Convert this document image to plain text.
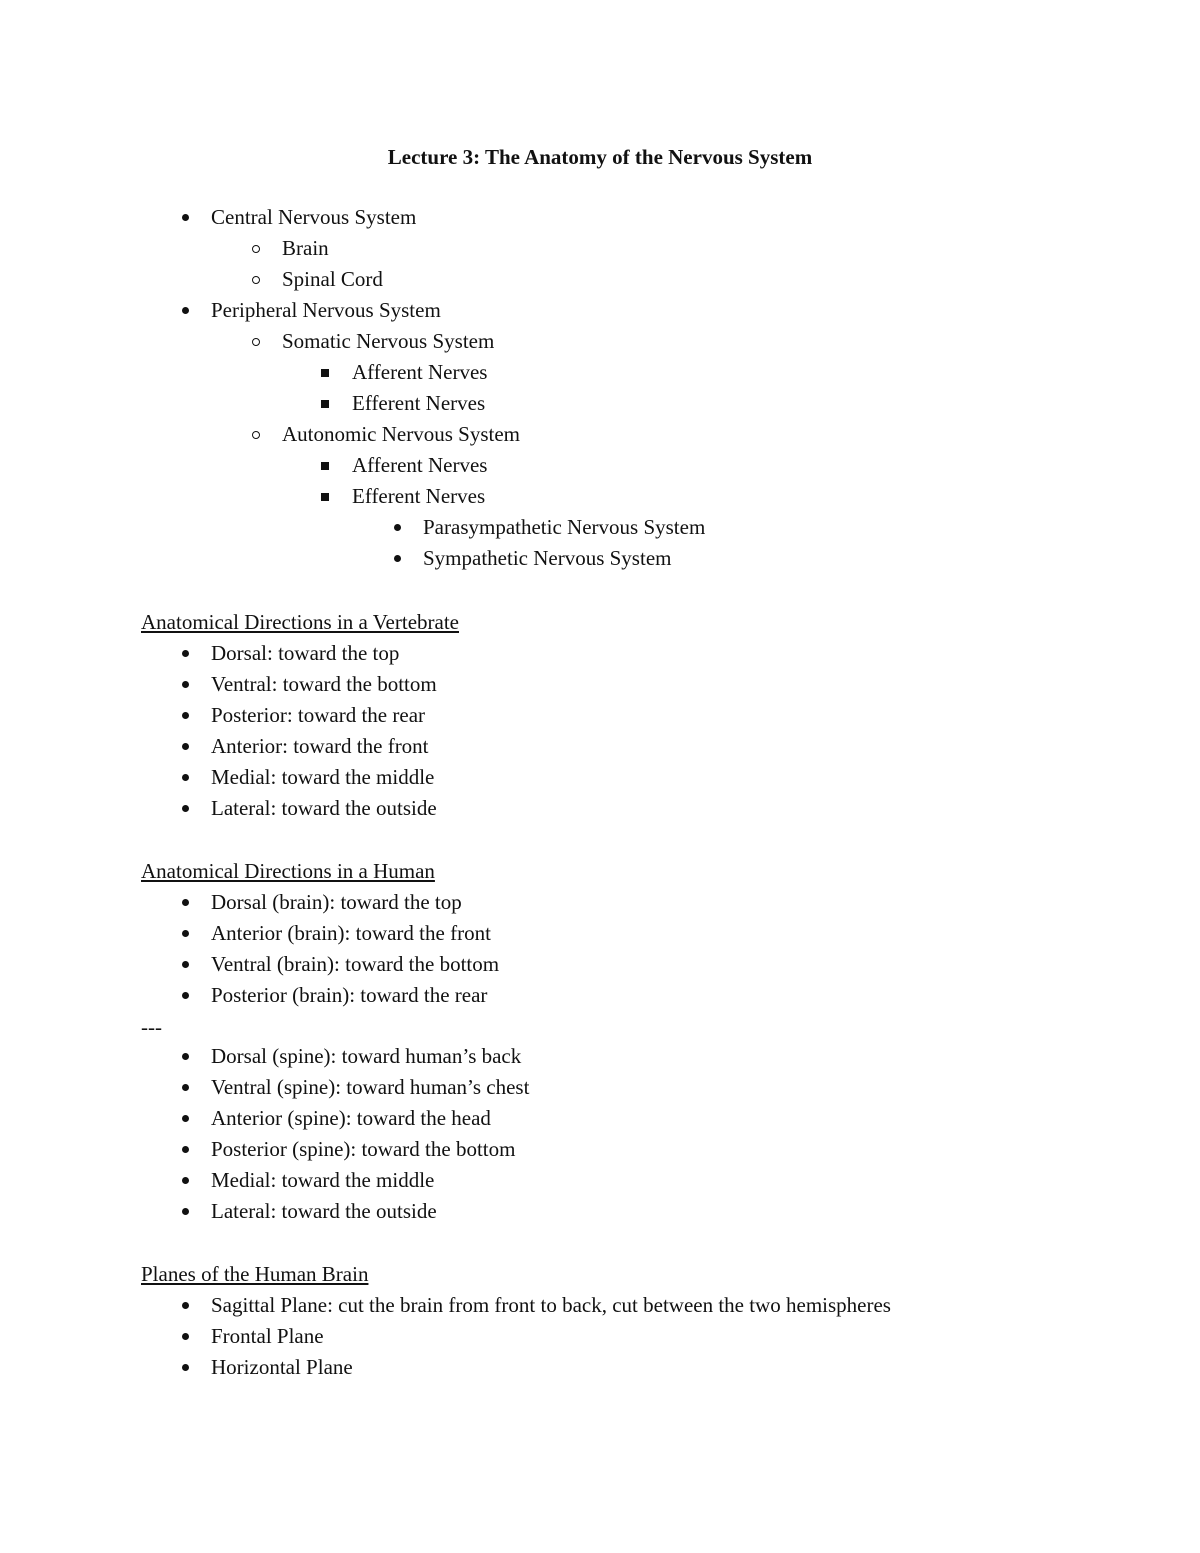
Lecture 3: The Anatomy of the Nervous System
Central Nervous System
Brain
Spinal Cord
Peripheral Nervous System
Somatic Nervous System
Afferent Nerves
Efferent Nerves
Autonomic Nervous System
Afferent Nerves
Efferent Nerves
Parasympathetic Nervous System
Sympathetic Nervous System
Anatomical Directions in a Vertebrate
Dorsal: toward the top
Ventral: toward the bottom
Posterior: toward the rear
Anterior: toward the front
Medial: toward the middle
Lateral: toward the outside
Anatomical Directions in a Human
Dorsal (brain): toward the top
Anterior (brain): toward the front
Ventral (brain): toward the bottom
Posterior (brain): toward the rear
---
Dorsal (spine): toward human’s back
Ventral (spine): toward human’s chest
Anterior (spine): toward the head
Posterior (spine): toward the bottom
Medial: toward the middle
Lateral: toward the outside
Planes of the Human Brain
Sagittal Plane: cut the brain from front to back, cut between the two hemispheres
Frontal Plane
Horizontal Plane
